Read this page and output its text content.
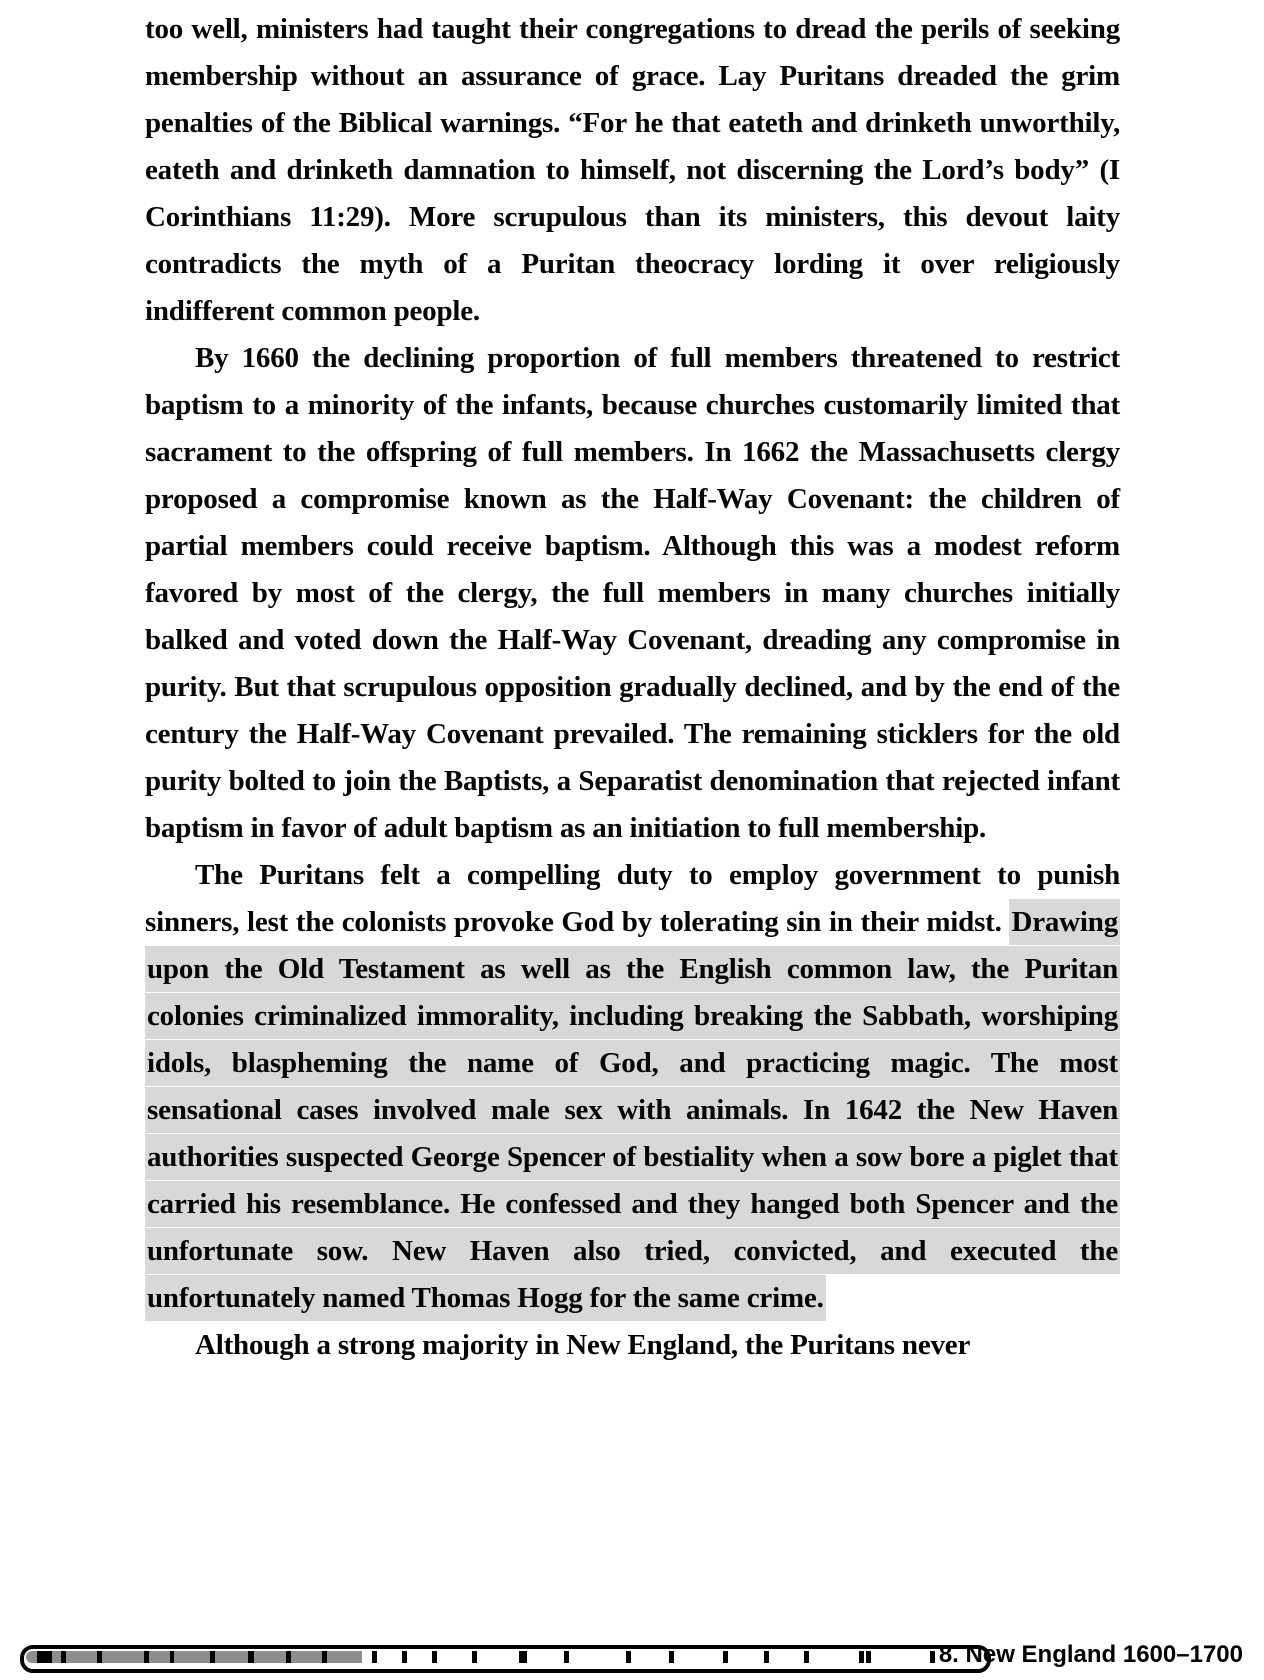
too well, ministers had taught their congregations to dread the perils of seeking membership without an assurance of grace. Lay Puritans dreaded the grim penalties of the Biblical warnings. “For he that eateth and drinketh unworthily, eateth and drinketh damnation to himself, not discerning the Lord’s body” (I Corinthians 11:29). More scrupulous than its ministers, this devout laity contradicts the myth of a Puritan theocracy lording it over religiously indifferent common people.

By 1660 the declining proportion of full members threatened to restrict baptism to a minority of the infants, because churches customarily limited that sacrament to the offspring of full members. In 1662 the Massachusetts clergy proposed a compromise known as the Half-Way Covenant: the children of partial members could receive baptism. Although this was a modest reform favored by most of the clergy, the full members in many churches initially balked and voted down the Half-Way Covenant, dreading any compromise in purity. But that scrupulous opposition gradually declined, and by the end of the century the Half-Way Covenant prevailed. The remaining sticklers for the old purity bolted to join the Baptists, a Separatist denomination that rejected infant baptism in favor of adult baptism as an initiation to full membership.

The Puritans felt a compelling duty to employ government to punish sinners, lest the colonists provoke God by tolerating sin in their midst. Drawing upon the Old Testament as well as the English common law, the Puritan colonies criminalized immorality, including breaking the Sabbath, worshiping idols, blaspheming the name of God, and practicing magic. The most sensational cases involved male sex with animals. In 1642 the New Haven authorities suspected George Spencer of bestiality when a sow bore a piglet that carried his resemblance. He confessed and they hanged both Spencer and the unfortunate sow. New Haven also tried, convicted, and executed the unfortunately named Thomas Hogg for the same crime.

Although a strong majority in New England, the Puritans never

8. New England 1600–1700
